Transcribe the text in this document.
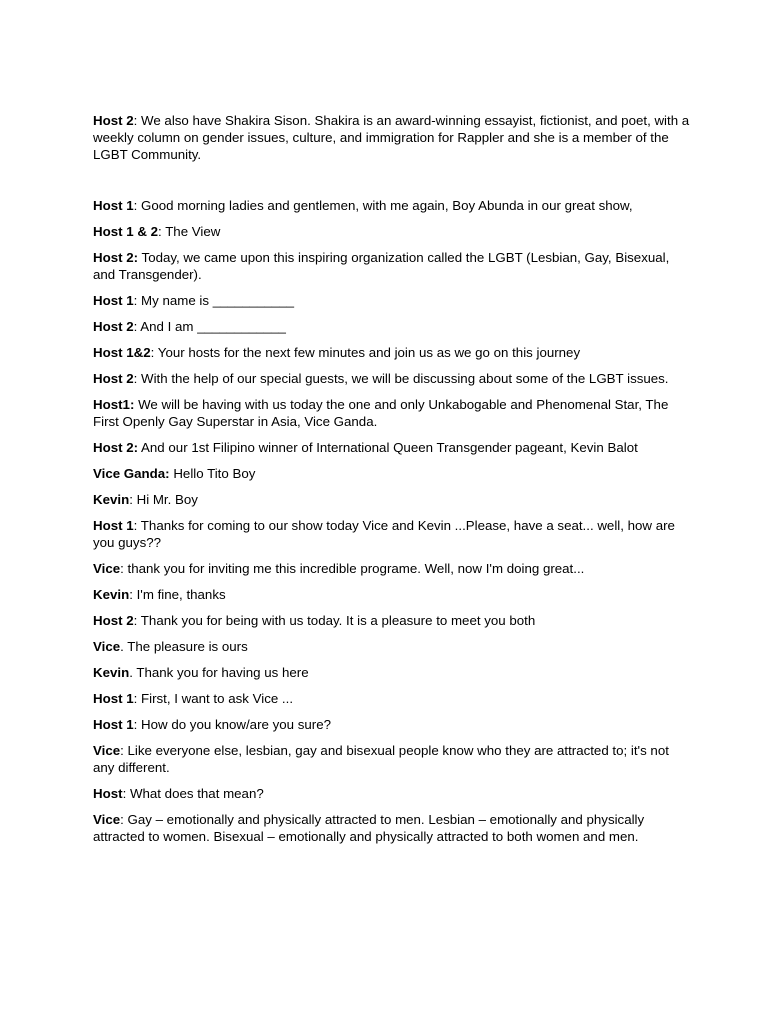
Host 2: We also have Shakira Sison. Shakira is an award-winning essayist, fictionist, and poet, with a weekly column on gender issues, culture, and immigration for Rappler and she is a member of the LGBT Community.

Host 1: Good morning ladies and gentlemen, with me again, Boy Abunda in our great show,

Host 1 & 2: The View

Host 2: Today, we came upon this inspiring organization called the LGBT (Lesbian, Gay, Bisexual, and Transgender).

Host 1: My name is ___________

Host 2: And I am ____________

Host 1&2: Your hosts for the next few minutes and join us as we go on this journey

Host 2: With the help of our special guests, we will be discussing about some of the LGBT issues.

Host1: We will be having with us today the one and only Unkabogable and Phenomenal Star, The First Openly Gay Superstar in Asia, Vice Ganda.

Host 2: And our 1st Filipino winner of International Queen Transgender pageant, Kevin Balot

Vice Ganda: Hello Tito Boy

Kevin: Hi Mr. Boy

Host 1: Thanks for coming to our show today Vice and Kevin ...Please, have a seat... well, how are you guys??

Vice: thank you for inviting me this incredible programe. Well, now I'm doing great...

Kevin: I'm fine, thanks

Host 2: Thank you for being with us today. It is a pleasure to meet you both

Vice. The pleasure is ours

Kevin. Thank you for having us here

Host 1: First, I want to ask Vice ...

Host 1: How do you know/are you sure?

Vice: Like everyone else, lesbian, gay and bisexual people know who they are attracted to; it's not any different.

Host: What does that mean?

Vice: Gay – emotionally and physically attracted to men. Lesbian – emotionally and physically attracted to women. Bisexual – emotionally and physically attracted to both women and men.
